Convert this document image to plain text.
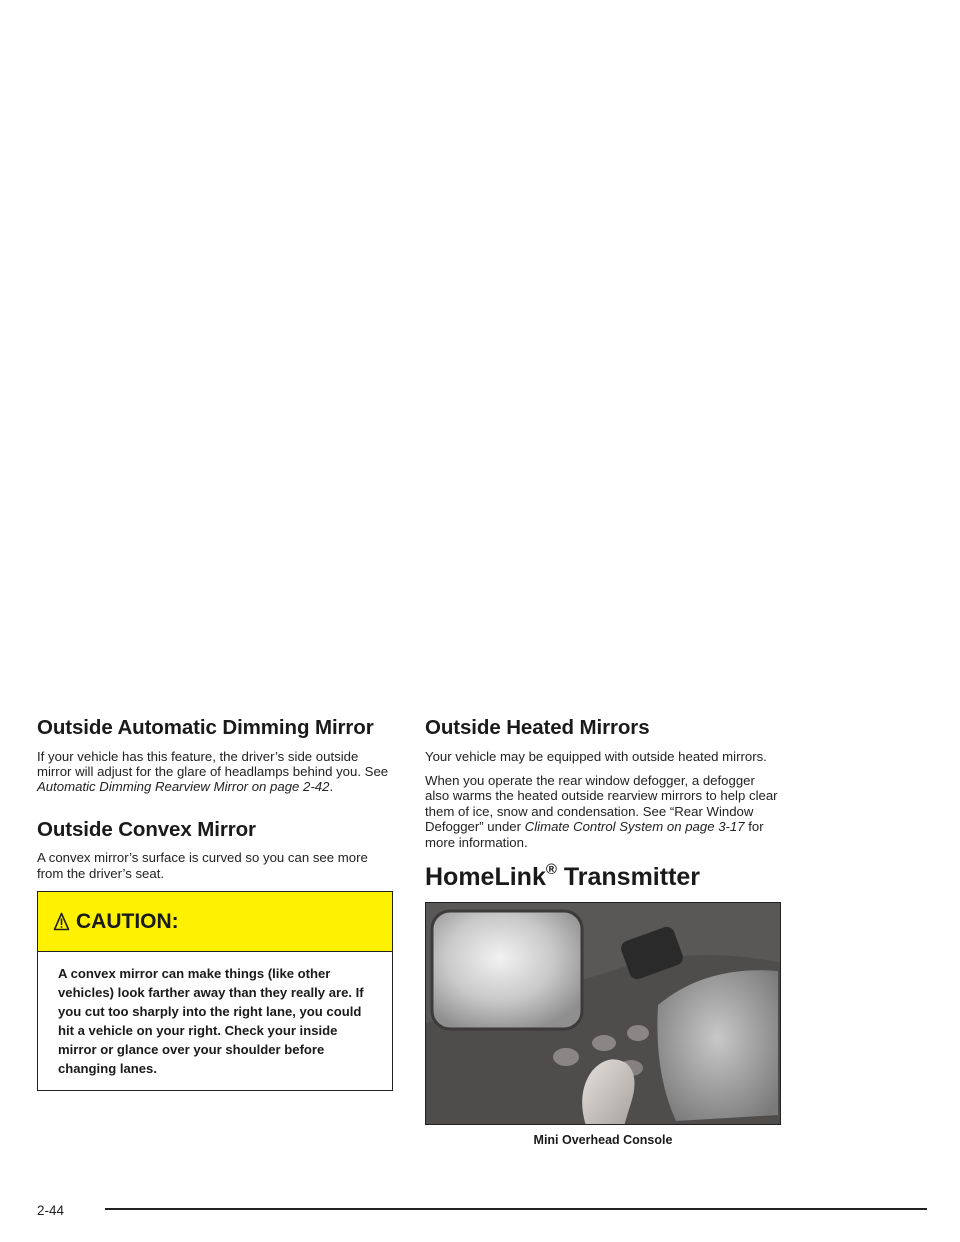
Outside Automatic Dimming Mirror

If your vehicle has this feature, the driver’s side outside mirror will adjust for the glare of headlamps behind you. See Automatic Dimming Rearview Mirror on page 2-42.

Outside Convex Mirror

A convex mirror’s surface is curved so you can see more from the driver’s seat.

CAUTION:
A convex mirror can make things (like other vehicles) look farther away than they really are. If you cut too sharply into the right lane, you could hit a vehicle on your right. Check your inside mirror or glance over your shoulder before changing lanes.
Outside Heated Mirrors

Your vehicle may be equipped with outside heated mirrors.

When you operate the rear window defogger, a defogger also warms the heated outside rearview mirrors to help clear them of ice, snow and condensation. See “Rear Window Defogger” under Climate Control System on page 3-17 for more information.

HomeLink® Transmitter
Mini Overhead Console
2-44
